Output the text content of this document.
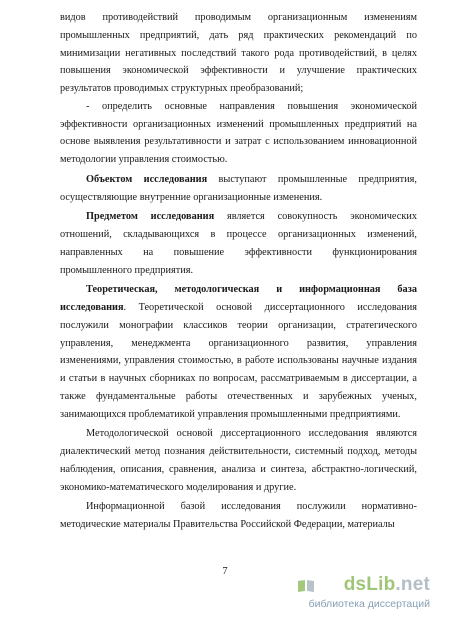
видов противодействий проводимым организационным изменениям промышленных предприятий, дать ряд практических рекомендаций по минимизации негативных последствий такого рода противодействий, в целях повышения экономической эффективности и улучшение практических результатов проводимых структурных преобразований;

- определить основные направления повышения экономической эффективности организационных изменений промышленных предприятий на основе выявления результативности и затрат с использованием инновационной методологии управления стоимостью.

Объектом исследования выступают промышленные предприятия, осуществляющие внутренние организационные изменения.

Предметом исследования является совокупность экономических отношений, складывающихся в процессе организационных изменений, направленных на повышение эффективности функционирования промышленного предприятия.

Теоретическая, методологическая и информационная база исследования. Теоретической основой диссертационного исследования послужили монографии классиков теории организации, стратегического управления, менеджмента организационного развития, управления изменениями, управления стоимостью, в работе использованы научные издания и статьи в научных сборниках по вопросам, рассматриваемым в диссертации, а также фундаментальные работы отечественных и зарубежных ученых, занимающихся проблематикой управления промышленными предприятиями.

Методологической основой диссертационного исследования являются диалектический метод познания действительности, системный подход, методы наблюдения, описания, сравнения, анализа и синтеза, абстрактно-логический, экономико-математического моделирования и другие.

Информационной базой исследования послужили нормативно-методические материалы Правительства Российской Федерации, материалы

7
dsLib.net
библиотека диссертаций
